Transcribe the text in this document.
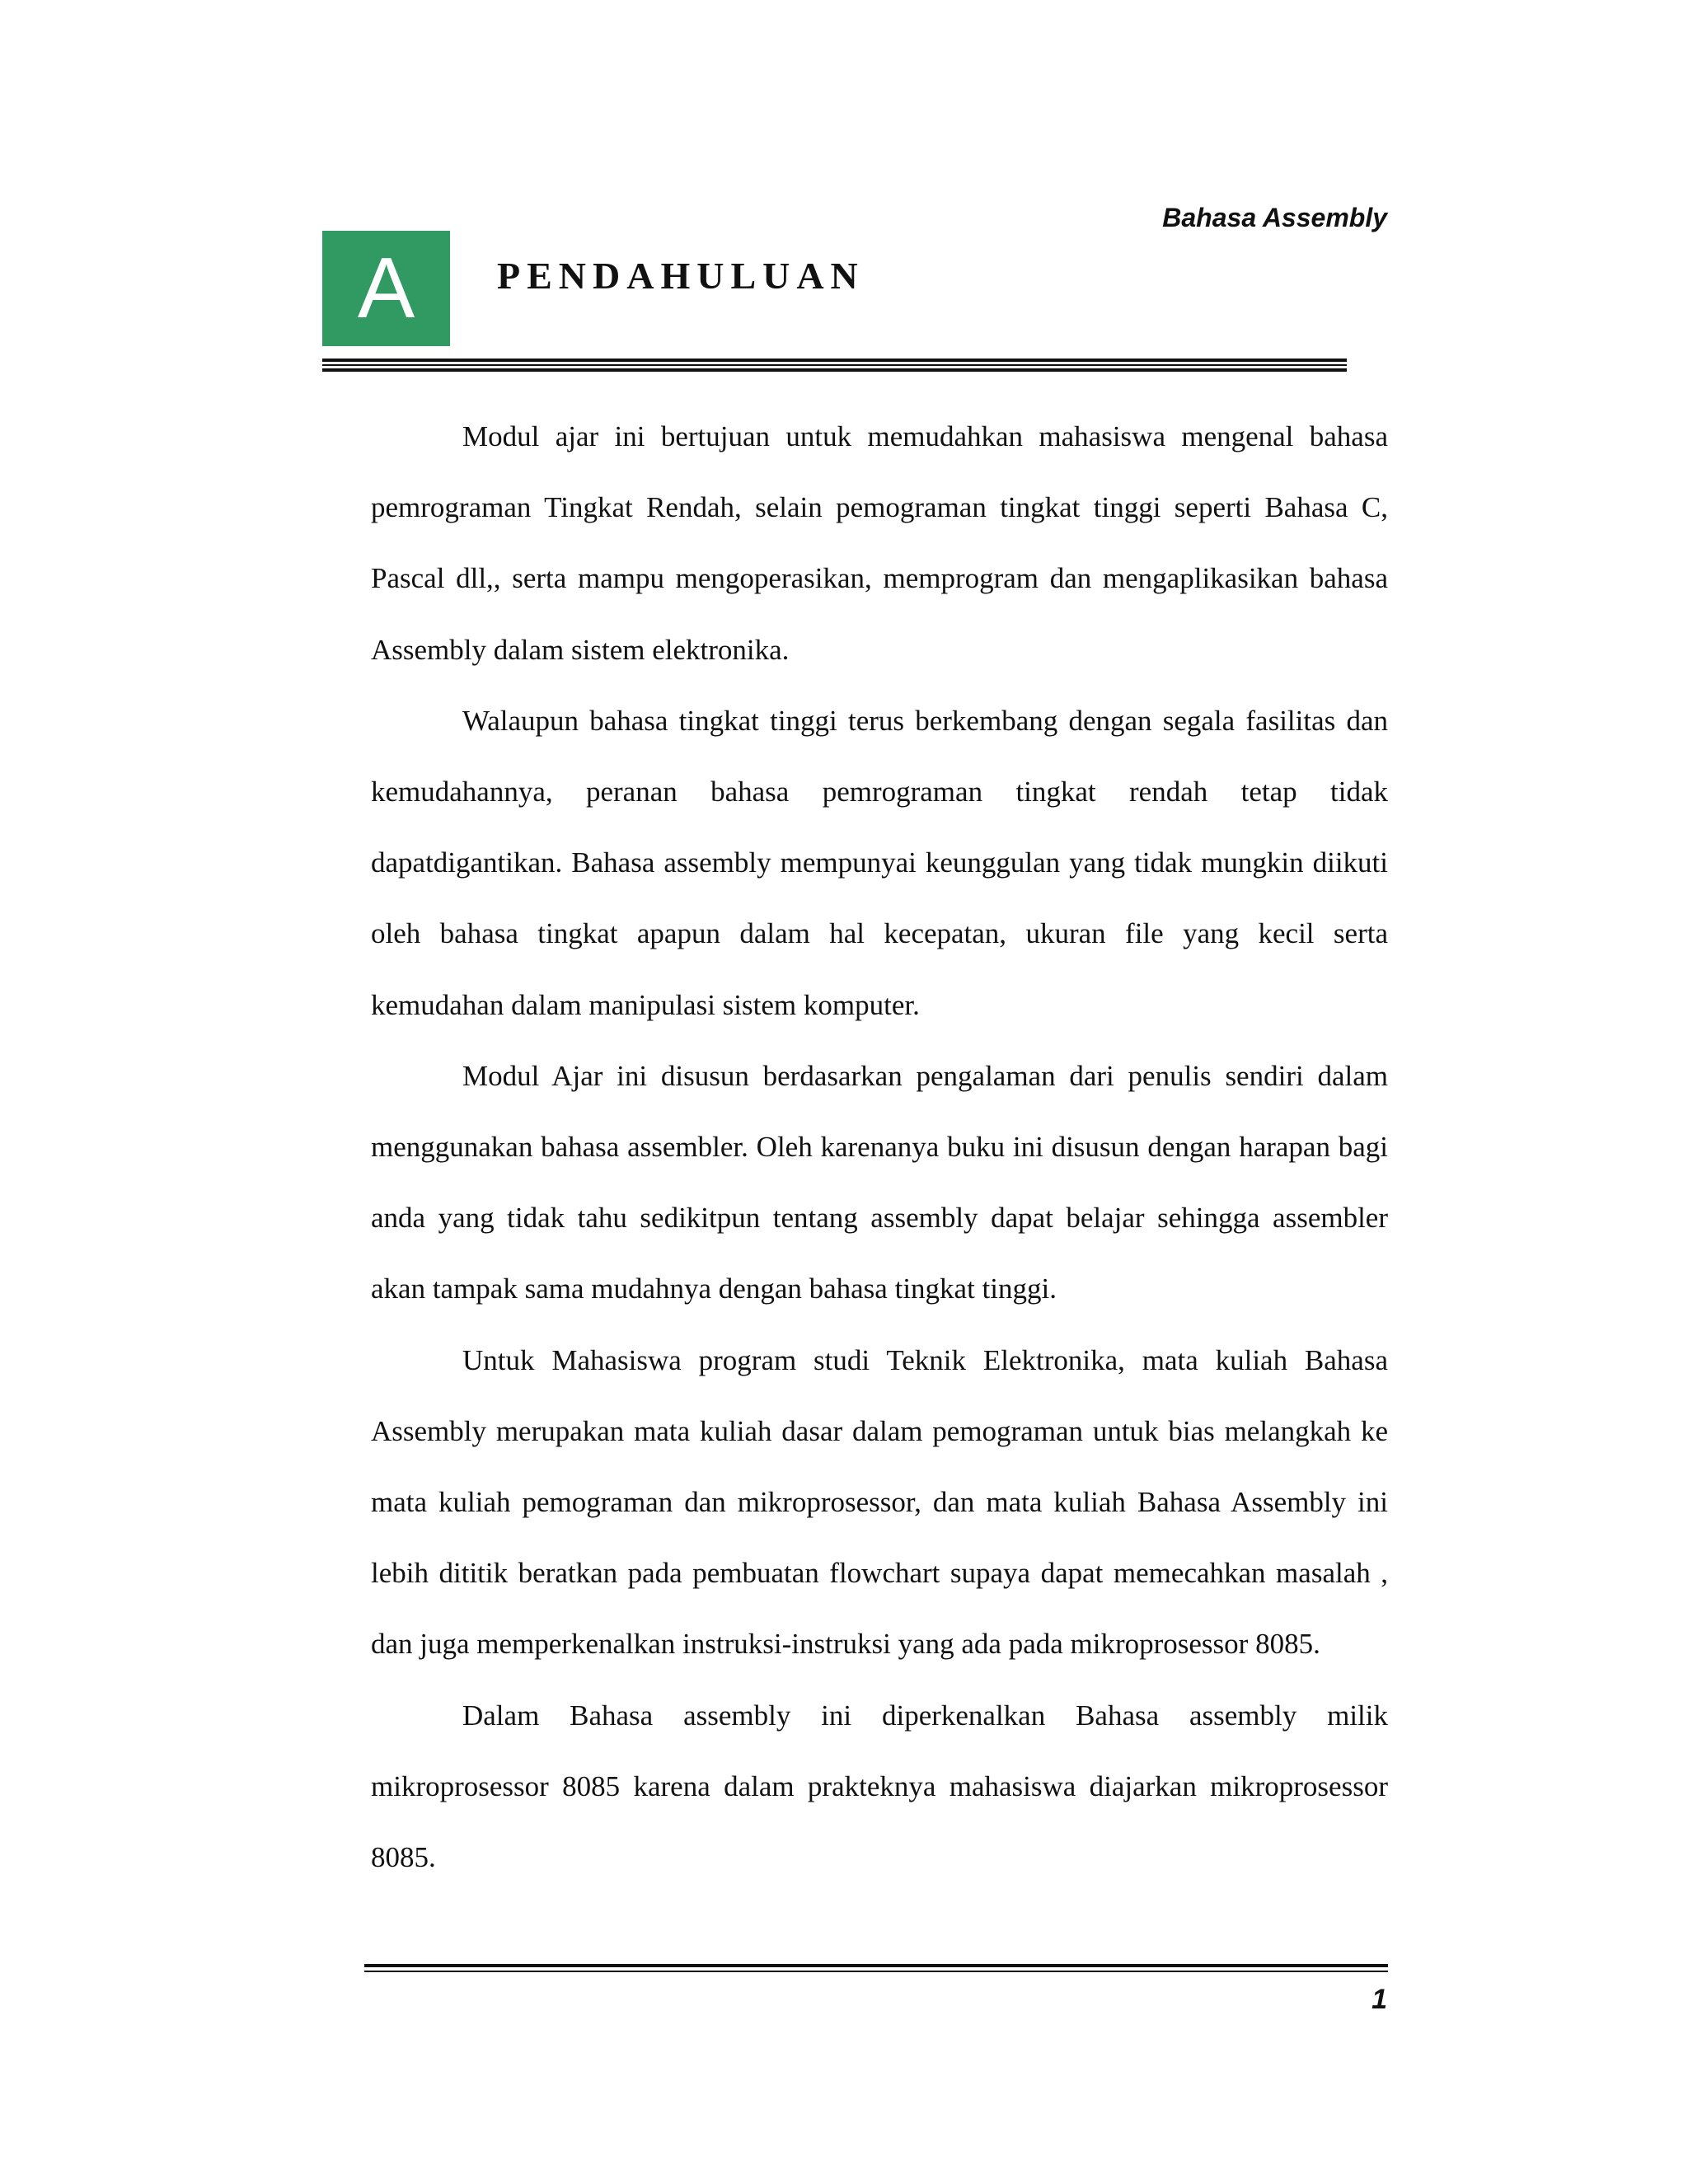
Bahasa Assembly
A	PENDAHULUAN

Modul ajar ini bertujuan untuk memudahkan mahasiswa mengenal bahasa pemrograman Tingkat Rendah, selain pemograman tingkat tinggi seperti Bahasa C, Pascal dll,, serta mampu mengoperasikan, memprogram dan mengaplikasikan bahasa Assembly dalam sistem elektronika.

Walaupun bahasa tingkat tinggi terus berkembang dengan segala fasilitas dan kemudahannya, peranan bahasa pemrograman tingkat rendah tetap tidak dapatdigantikan. Bahasa assembly mempunyai keunggulan yang tidak mungkin diikuti oleh bahasa tingkat apapun dalam hal kecepatan, ukuran file yang kecil serta kemudahan dalam manipulasi sistem komputer.

Modul Ajar ini disusun berdasarkan pengalaman dari penulis sendiri dalam menggunakan bahasa assembler. Oleh karenanya buku ini disusun dengan harapan bagi anda yang tidak tahu sedikitpun tentang assembly dapat belajar sehingga assembler akan tampak sama mudahnya dengan bahasa tingkat tinggi.

Untuk Mahasiswa program studi Teknik Elektronika, mata kuliah Bahasa Assembly merupakan mata kuliah dasar dalam pemograman untuk bias melangkah ke mata kuliah pemograman dan mikroprosessor, dan mata kuliah Bahasa Assembly ini lebih dititik beratkan pada pembuatan flowchart supaya dapat memecahkan masalah , dan juga memperkenalkan instruksi-instruksi yang ada pada mikroprosessor 8085.

Dalam Bahasa assembly ini diperkenalkan Bahasa assembly milik mikroprosessor 8085 karena dalam prakteknya mahasiswa diajarkan mikroprosessor 8085.

1
